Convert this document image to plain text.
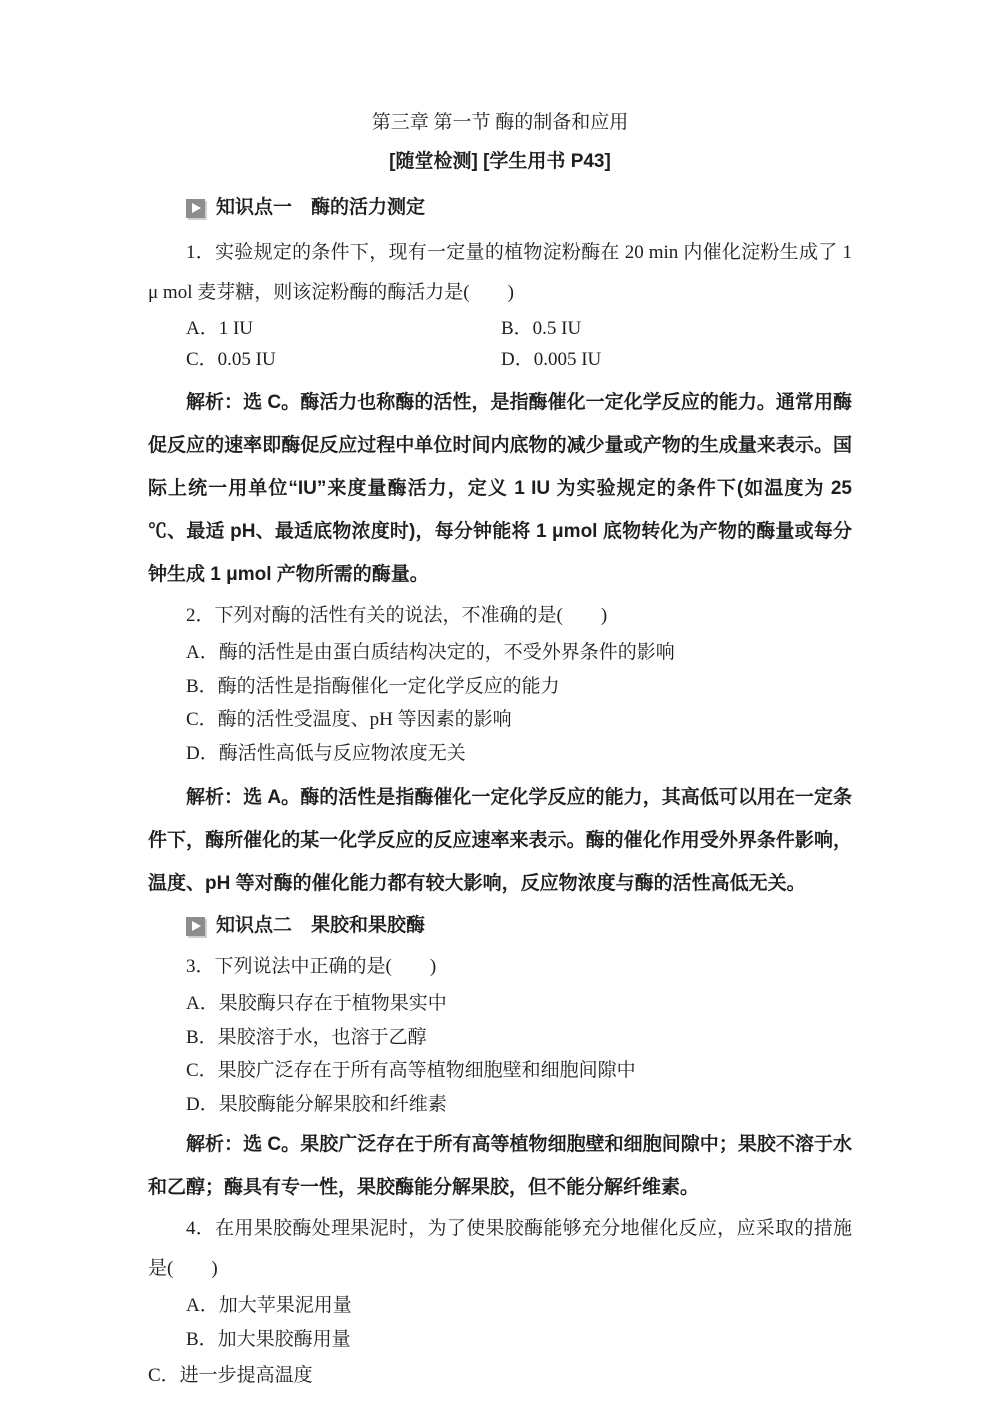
第三章 第一节 酶的制备和应用
[随堂检测] [学生用书 P43]
知识点一　酶的活力测定

1．实验规定的条件下，现有一定量的植物淀粉酶在 20 min 内催化淀粉生成了 1　μ mol 麦芽糖，则该淀粉酶的酶活力是(　　)

A．1 IU	B．0.5 IU
C．0.05 IU	D．0.005 IU

解析：选 C。酶活力也称酶的活性，是指酶催化一定化学反应的能力。通常用酶促反应的速率即酶促反应过程中单位时间内底物的减少量或产物的生成量来表示。国际上统一用单位“IU”来度量酶活力，定义 1 IU 为实验规定的条件下(如温度为 25 ℃、最适 pH、最适底物浓度时)，每分钟能将 1 μmol 底物转化为产物的酶量或每分钟生成 1 μmol 产物所需的酶量。

2．下列对酶的活性有关的说法，不准确的是(　　)

A．酶的活性是由蛋白质结构决定的，不受外界条件的影响
B．酶的活性是指酶催化一定化学反应的能力
C．酶的活性受温度、pH 等因素的影响
D．酶活性高低与反应物浓度无关

解析：选 A。酶的活性是指酶催化一定化学反应的能力，其高低可以用在一定条件下，酶所催化的某一化学反应的反应速率来表示。酶的催化作用受外界条件影响，温度、pH 等对酶的催化能力都有较大影响，反应物浓度与酶的活性高低无关。

知识点二　果胶和果胶酶

3．下列说法中正确的是(　　)

A．果胶酶只存在于植物果实中
B．果胶溶于水，也溶于乙醇
C．果胶广泛存在于所有高等植物细胞壁和细胞间隙中
D．果胶酶能分解果胶和纤维素

解析：选 C。果胶广泛存在于所有高等植物细胞壁和细胞间隙中；果胶不溶于水和乙醇；酶具有专一性，果胶酶能分解果胶，但不能分解纤维素。

4．在用果胶酶处理果泥时，为了使果胶酶能够充分地催化反应，应采取的措施是(　　)

A．加大苹果泥用量
B．加大果胶酶用量

C．进一步提高温度
